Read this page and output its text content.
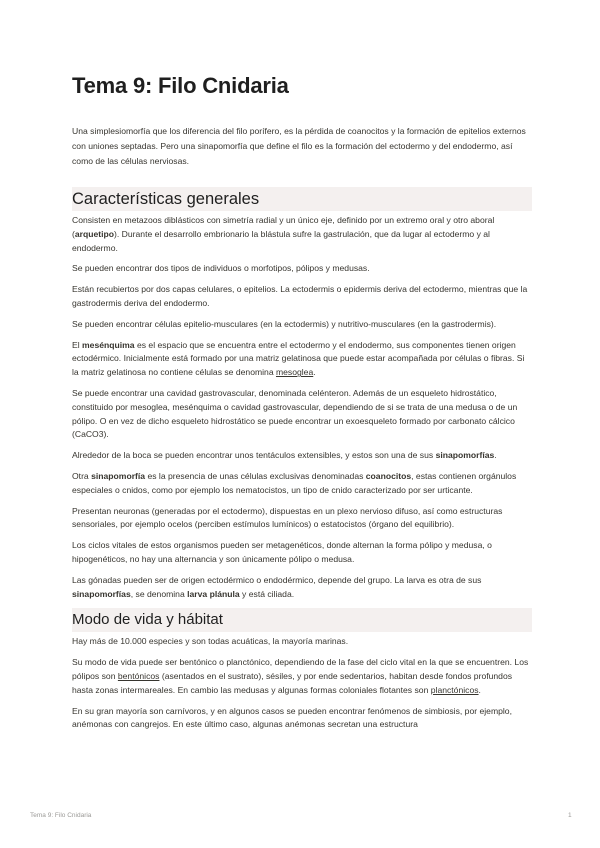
Tema 9: Filo Cnidaria

Una simplesiomorfía que los diferencia del filo porífero, es la pérdida de coanocitos y la formación de epitelios externos con uniones septadas. Pero una sinapomorfía que define el filo es la formación del ectodermo y del endodermo, así como de las células nerviosas.

Características generales

Consisten en metazoos diblásticos con simetría radial y un único eje, definido por un extremo oral y otro aboral (arquetipo). Durante el desarrollo embrionario la blástula sufre la gastrulación, que da lugar al ectodermo y al endodermo.

Se pueden encontrar dos tipos de individuos o morfotipos, pólipos y medusas.

Están recubiertos por dos capas celulares, o epitelios. La ectodermis o epidermis deriva del ectodermo, mientras que la gastrodermis deriva del endodermo.

Se pueden encontrar células epitelio-musculares (en la ectodermis) y nutritivo-musculares (en la gastrodermis).

El mesénquima es el espacio que se encuentra entre el ectodermo y el endodermo, sus componentes tienen origen ectodérmico. Inicialmente está formado por una matriz gelatinosa que puede estar acompañada por células o fibras. Si la matriz gelatinosa no contiene células se denomina mesoglea.

Se puede encontrar una cavidad gastrovascular, denominada celénteron. Además de un esqueleto hidrostático, constituido por mesoglea, mesénquima o cavidad gastrovascular, dependiendo de si se trata de una medusa o de un pólipo. O en vez de dicho esqueleto hidrostático se puede encontrar un exoesqueleto formado por carbonato cálcico (CaCO3).

Alrededor de la boca se pueden encontrar unos tentáculos extensibles, y estos son una de sus sinapomorfías.

Otra sinapomorfía es la presencia de unas células exclusivas denominadas coanocitos, estas contienen orgánulos especiales o cnidos, como por ejemplo los nematocistos, un tipo de cnido caracterizado por ser urticante.

Presentan neuronas (generadas por el ectodermo), dispuestas en un plexo nervioso difuso, así como estructuras sensoriales, por ejemplo ocelos (perciben estímulos lumínicos) o estatocistos (órgano del equilibrio).

Los ciclos vitales de estos organismos pueden ser metagenéticos, donde alternan la forma pólipo y medusa, o hipogenéticos, no hay una alternancia y son únicamente pólipo o medusa.

Las gónadas pueden ser de origen ectodérmico o endodérmico, depende del grupo. La larva es otra de sus sinapomorfías, se denomina larva plánula y está ciliada.

Modo de vida y hábitat

Hay más de 10.000 especies y son todas acuáticas, la mayoría marinas.

Su modo de vida puede ser bentónico o planctónico, dependiendo de la fase del ciclo vital en la que se encuentren. Los pólipos son bentónicos (asentados en el sustrato), sésiles, y por ende sedentarios, habitan desde fondos profundos hasta zonas intermareales. En cambio las medusas y algunas formas coloniales flotantes son planctónicos.

En su gran mayoría son carnívoros, y en algunos casos se pueden encontrar fenómenos de simbiosis, por ejemplo, anémonas con cangrejos. En este último caso, algunas anémonas secretan una estructura

Tema 9: Filo Cnidaria	1
